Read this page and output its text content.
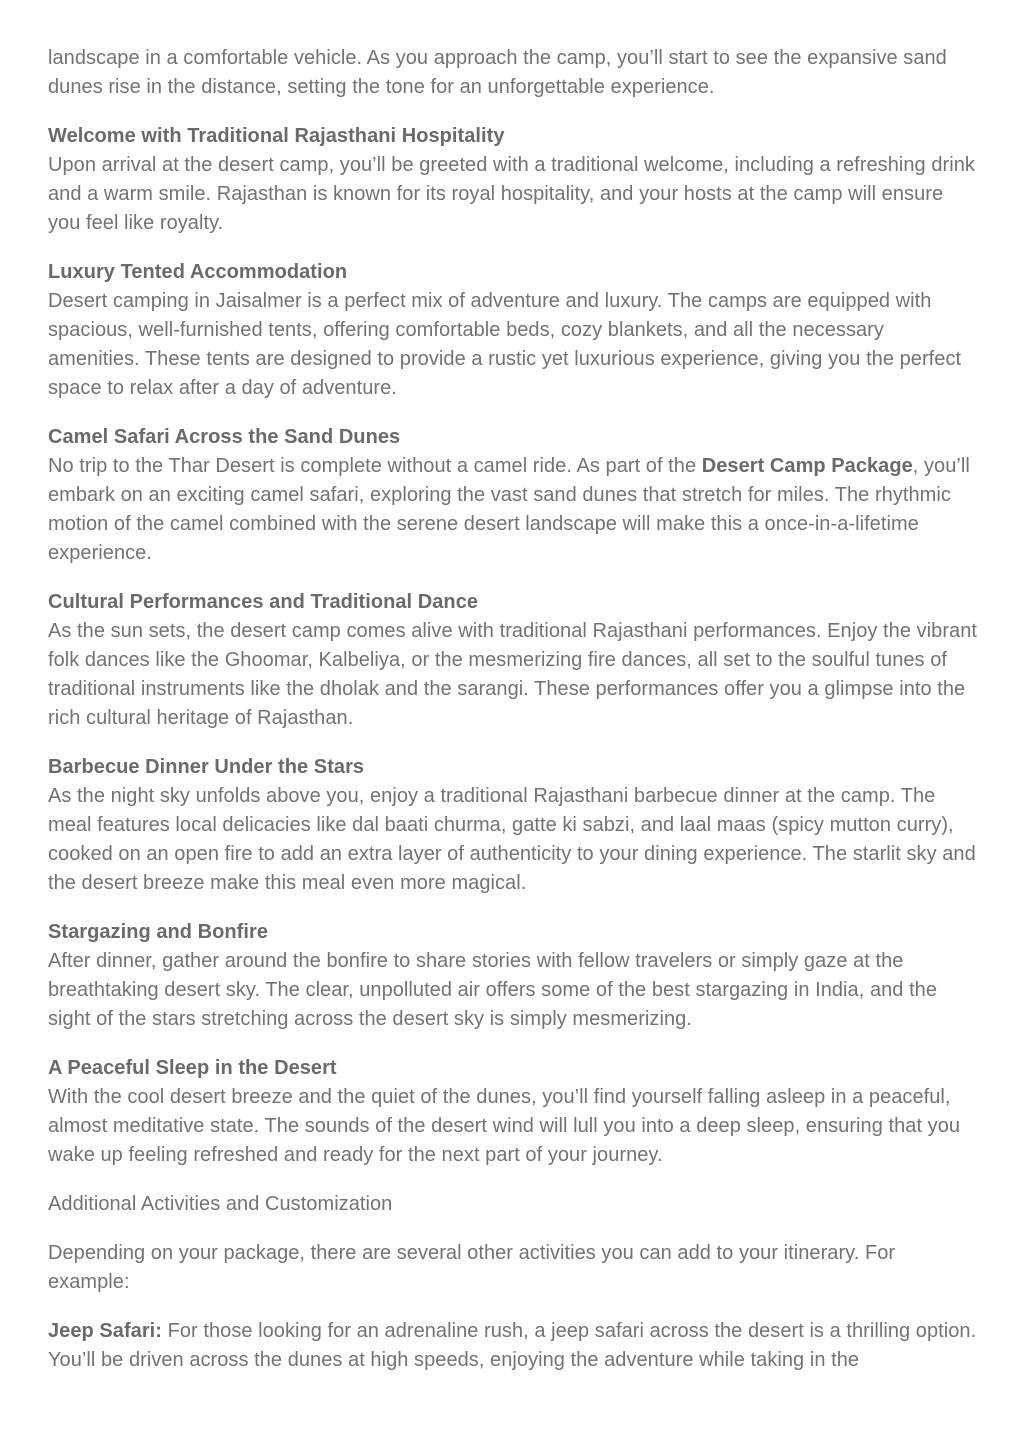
landscape in a comfortable vehicle. As you approach the camp, you’ll start to see the expansive sand dunes rise in the distance, setting the tone for an unforgettable experience.

Welcome with Traditional Rajasthani Hospitality

Upon arrival at the desert camp, you’ll be greeted with a traditional welcome, including a refreshing drink and a warm smile. Rajasthan is known for its royal hospitality, and your hosts at the camp will ensure you feel like royalty.

Luxury Tented Accommodation

Desert camping in Jaisalmer is a perfect mix of adventure and luxury. The camps are equipped with spacious, well-furnished tents, offering comfortable beds, cozy blankets, and all the necessary amenities. These tents are designed to provide a rustic yet luxurious experience, giving you the perfect space to relax after a day of adventure.

Camel Safari Across the Sand Dunes

No trip to the Thar Desert is complete without a camel ride. As part of the Desert Camp Package, you’ll embark on an exciting camel safari, exploring the vast sand dunes that stretch for miles. The rhythmic motion of the camel combined with the serene desert landscape will make this a once-in-a-lifetime experience.

Cultural Performances and Traditional Dance

As the sun sets, the desert camp comes alive with traditional Rajasthani performances. Enjoy the vibrant folk dances like the Ghoomar, Kalbeliya, or the mesmerizing fire dances, all set to the soulful tunes of traditional instruments like the dholak and the sarangi. These performances offer you a glimpse into the rich cultural heritage of Rajasthan.

Barbecue Dinner Under the Stars

As the night sky unfolds above you, enjoy a traditional Rajasthani barbecue dinner at the camp. The meal features local delicacies like dal baati churma, gatte ki sabzi, and laal maas (spicy mutton curry), cooked on an open fire to add an extra layer of authenticity to your dining experience. The starlit sky and the desert breeze make this meal even more magical.

Stargazing and Bonfire

After dinner, gather around the bonfire to share stories with fellow travelers or simply gaze at the breathtaking desert sky. The clear, unpolluted air offers some of the best stargazing in India, and the sight of the stars stretching across the desert sky is simply mesmerizing.

A Peaceful Sleep in the Desert

With the cool desert breeze and the quiet of the dunes, you’ll find yourself falling asleep in a peaceful, almost meditative state. The sounds of the desert wind will lull you into a deep sleep, ensuring that you wake up feeling refreshed and ready for the next part of your journey.

Additional Activities and Customization

Depending on your package, there are several other activities you can add to your itinerary. For example:

Jeep Safari: For those looking for an adrenaline rush, a jeep safari across the desert is a thrilling option. You’ll be driven across the dunes at high speeds, enjoying the adventure while taking in the
